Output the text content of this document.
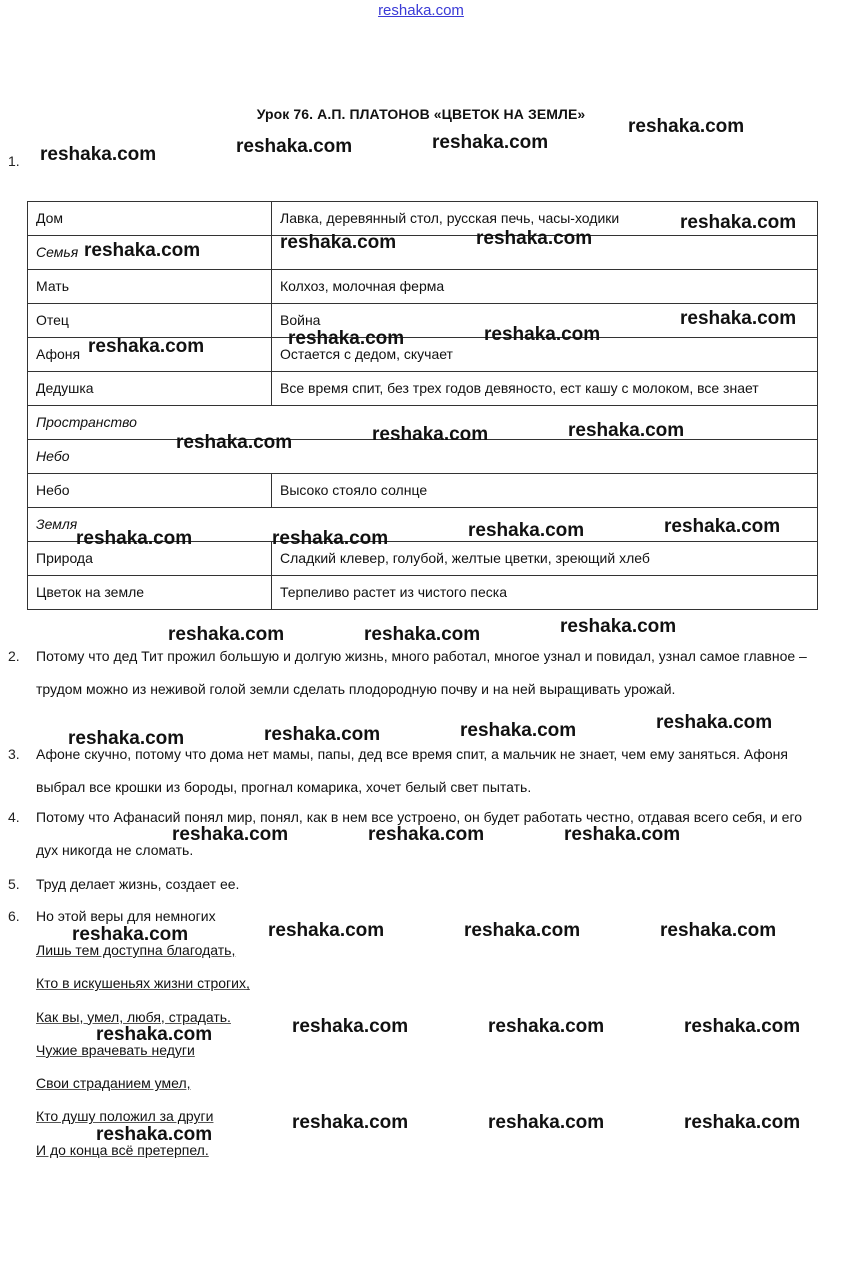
reshaka.com
Урок 76. А.П. ПЛАТОНОВ «ЦВЕТОК НА ЗЕМЛЕ»
1.
Дом	Лавка, деревянный стол, русская печь, часы-ходики
Семья	
Мать	Колхоз, молочная ферма
Отец	Война
Афоня	Остается с дедом, скучает
Дедушка	Все время спит, без трех годов девяносто, ест кашу с молоком, все знает
Пространство	
Небо	
Небо	Высоко стояло солнце
Земля	
Природа	Сладкий клевер, голубой, желтые цветки, зреющий хлеб
Цветок на земле	Терпеливо растет из чистого песка
2. Потому что дед Тит прожил большую и долгую жизнь, много работал, многое узнал и повидал, узнал самое главное – трудом можно из неживой голой земли сделать плодородную почву и на ней выращивать урожай.
3. Афоне скучно, потому что дома нет мамы, папы, дед все время спит, а мальчик не знает, чем ему заняться. Афоня выбрал все крошки из бороды, прогнал комарика, хочет белый свет пытать.
4. Потому что Афанасий понял мир, понял, как в нем все устроено, он будет работать честно, отдавая всего себя, и его дух никогда не сломать.
5. Труд делает жизнь, создает ее.
6. Но этой веры для немногих
Лишь тем доступна благодать,
Кто в искушеньях жизни строгих,
Как вы, умел, любя, страдать.
Чужие врачевать недуги
Свои страданием умел,
Кто душу положил за други
И до конца всё претерпел.
reshaka.com	reshaka.com	reshaka.com
reshaka.com
reshaka.com	reshaka.com	reshaka.com
reshaka.com
reshaka.com	reshaka.com	reshaka.com
reshaka.com
reshaka.com	reshaka.com	reshaka.com
reshaka.com	reshaka.com	reshaka.com	reshaka.com
reshaka.com	reshaka.com	reshaka.com
reshaka.com	reshaka.com	reshaka.com	reshaka.com
reshaka.com	reshaka.com	reshaka.com
reshaka.com	reshaka.com	reshaka.com	reshaka.com
reshaka.com	reshaka.com	reshaka.com	reshaka.com
reshaka.com
reshaka.com	reshaka.com	reshaka.com
